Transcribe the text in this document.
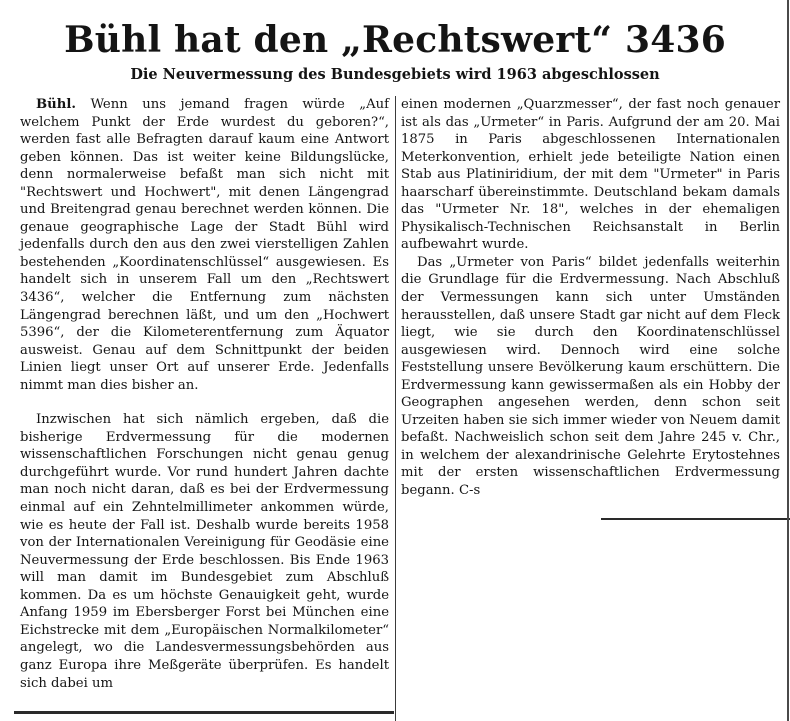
Bühl hat den „Rechtswert“ 3436
Die Neuvermessung des Bundesgebiets wird 1963 abgeschlossen

Bühl. Wenn uns jemand fragen würde „Auf welchem Punkt der Erde wurdest du geboren?“, werden fast alle Befragten darauf kaum eine Antwort geben können. Das ist weiter keine Bildungslücke, denn normalerweise befaßt man sich nicht mit "Rechtswert und Hochwert", mit denen Längengrad und Breitengrad genau berechnet werden können. Die genaue geographische Lage der Stadt Bühl wird jedenfalls durch den aus den zwei vierstelligen Zahlen bestehenden „Koordinatenschlüssel“ ausgewiesen. Es handelt sich in unserem Fall um den „Rechtswert 3436“, welcher die Entfernung zum nächsten Längengrad berechnen läßt, und um den „Hochwert 5396“, der die Kilometerentfernung zum Äquator ausweist. Genau auf dem Schnittpunkt der beiden Linien liegt unser Ort auf unserer Erde. Jedenfalls nimmt man dies bisher an.

Inzwischen hat sich nämlich ergeben, daß die bisherige Erdvermessung für die modernen wissenschaftlichen Forschungen nicht genau genug durchgeführt wurde. Vor rund hundert Jahren dachte man noch nicht daran, daß es bei der Erdvermessung einmal auf ein Zehntelmillimeter ankommen würde, wie es heute der Fall ist. Deshalb wurde bereits 1958 von der Internationalen Vereinigung für Geodäsie eine Neuvermessung der Erde beschlossen. Bis Ende 1963 will man damit im Bundesgebiet zum Abschluß kommen. Da es um höchste Genauigkeit geht, wurde Anfang 1959 im Ebersberger Forst bei München eine Eichstrecke mit dem „Europäischen Normalkilometer“ angelegt, wo die Landesvermessungsbehörden aus ganz Europa ihre Meßgeräte überprüfen. Es handelt sich dabei um

einen modernen „Quarzmesser“, der fast noch genauer ist als das „Urmeter“ in Paris. Aufgrund der am 20. Mai 1875 in Paris abgeschlossenen Internationalen Meterkonvention, erhielt jede beteiligte Nation einen Stab aus Platiniridium, der mit dem "Urmeter" in Paris haarscharf übereinstimmte. Deutschland bekam damals das "Urmeter Nr. 18", welches in der ehemaligen Physikalisch-Technischen Reichsanstalt in Berlin aufbewahrt wurde.

Das „Urmeter von Paris“ bildet jedenfalls weiterhin die Grundlage für die Erdvermessung. Nach Abschluß der Vermessungen kann sich unter Umständen herausstellen, daß unsere Stadt gar nicht auf dem Fleck liegt, wie sie durch den Koordinatenschlüssel ausgewiesen wird. Dennoch wird eine solche Feststellung unsere Bevölkerung kaum erschüttern. Die Erdvermessung kann gewissermaßen als ein Hobby der Geographen angesehen werden, denn schon seit Urzeiten haben sie sich immer wieder von Neuem damit befaßt. Nachweislich schon seit dem Jahre 245 v. Chr., in welchem der alexandrinische Gelehrte Erytostehnes mit der ersten wissenschaftlichen Erdvermessung begann. C-s
